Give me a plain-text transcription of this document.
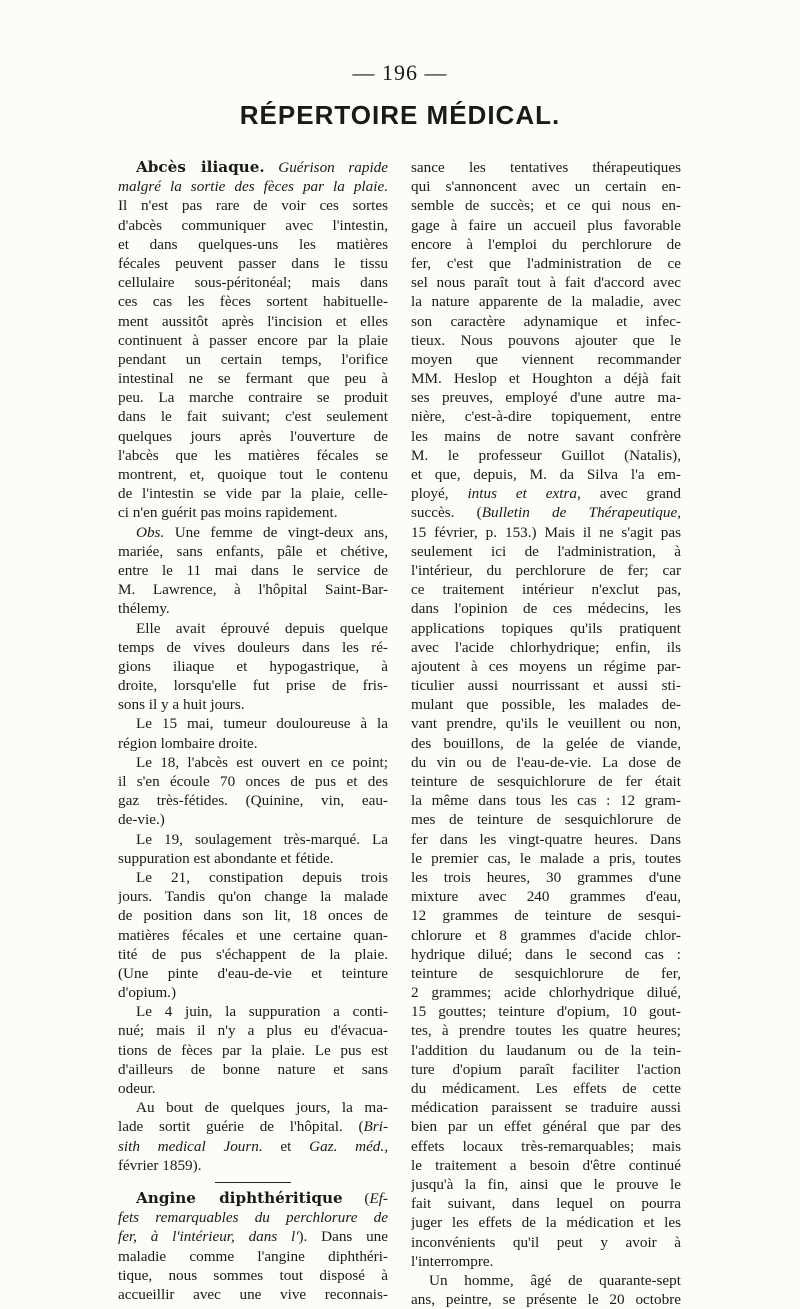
— 196 —
RÉPERTOIRE MÉDICAL.
Abcès iliaque. Guérison rapide
malgré la sortie des fèces par la plaie.
Il n'est pas rare de voir ces sortes
d'abcès communiquer avec l'intestin,
et dans quelques-uns les matières
fécales peuvent passer dans le tissu
cellulaire sous-péritonéal; mais dans
ces cas les fèces sortent habituelle-
ment aussitôt après l'incision et elles
continuent à passer encore par la plaie
pendant un certain temps, l'orifice
intestinal ne se fermant que peu à
peu. La marche contraire se produit
dans le fait suivant; c'est seulement
quelques jours après l'ouverture de
l'abcès que les matières fécales se
montrent, et, quoique tout le contenu
de l'intestin se vide par la plaie, celle-
ci n'en guérit pas moins rapidement.
Obs. Une femme de vingt-deux ans,
mariée, sans enfants, pâle et chétive,
entre le 11 mai dans le service de
M. Lawrence, à l'hôpital Saint-Bar-
thélemy.
Elle avait éprouvé depuis quelque
temps de vives douleurs dans les ré-
gions iliaque et hypogastrique, à
droite, lorsqu'elle fut prise de fris-
sons il y a huit jours.
Le 15 mai, tumeur douloureuse à la
région lombaire droite.
Le 18, l'abcès est ouvert en ce point;
il s'en écoule 70 onces de pus et des
gaz très-fétides. (Quinine, vin, eau-
de-vie.)
Le 19, soulagement très-marqué. La
suppuration est abondante et fétide.
Le 21, constipation depuis trois
jours. Tandis qu'on change la malade
de position dans son lit, 18 onces de
matières fécales et une certaine quan-
tité de pus s'échappent de la plaie.
(Une pinte d'eau-de-vie et teinture
d'opium.)
Le 4 juin, la suppuration a conti-
nué; mais il n'y a plus eu d'évacua-
tions de fèces par la plaie. Le pus est
d'ailleurs de bonne nature et sans
odeur.
Au bout de quelques jours, la ma-
lade sortit guérie de l'hôpital. (Bri-
sith medical Journ. et Gaz. méd.,
février 1859).
Angine diphthéritique (Ef-
fets remarquables du perchlorure de
fer, à l'intérieur, dans l'). Dans une
maladie comme l'angine diphthéri-
tique, nous sommes tout disposé à
accueillir avec une vive reconnais-
sance les tentatives thérapeutiques
qui s'annoncent avec un certain en-
semble de succès; et ce qui nous en-
gage à faire un accueil plus favorable
encore à l'emploi du perchlorure de
fer, c'est que l'administration de ce
sel nous paraît tout à fait d'accord avec
la nature apparente de la maladie, avec
son caractère adynamique et infec-
tieux. Nous pouvons ajouter que le
moyen que viennent recommander
MM. Heslop et Houghton a déjà fait
ses preuves, employé d'une autre ma-
nière, c'est-à-dire topiquement, entre
les mains de notre savant confrère
M. le professeur Guillot (Natalis),
et que, depuis, M. da Silva l'a em-
ployé, intus et extra, avec grand
succès. (Bulletin de Thérapeutique,
15 février, p. 153.) Mais il ne s'agit pas
seulement ici de l'administration, à
l'intérieur, du perchlorure de fer; car
ce traitement intérieur n'exclut pas,
dans l'opinion de ces médecins, les
applications topiques qu'ils pratiquent
avec l'acide chlorhydrique; enfin, ils
ajoutent à ces moyens un régime par-
ticulier aussi nourrissant et aussi sti-
mulant que possible, les malades de-
vant prendre, qu'ils le veuillent ou non,
des bouillons, de la gelée de viande,
du vin ou de l'eau-de-vie. La dose de
teinture de sesquichlorure de fer était
la même dans tous les cas : 12 gram-
mes de teinture de sesquichlorure de
fer dans les vingt-quatre heures. Dans
le premier cas, le malade a pris, toutes
les trois heures, 30 grammes d'une
mixture avec 240 grammes d'eau,
12 grammes de teinture de sesqui-
chlorure et 8 grammes d'acide chlor-
hydrique dilué; dans le second cas :
teinture de sesquichlorure de fer,
2 grammes; acide chlorhydrique dilué,
15 gouttes; teinture d'opium, 10 gout-
tes, à prendre toutes les quatre heures;
l'addition du laudanum ou de la tein-
ture d'opium paraît faciliter l'action
du médicament. Les effets de cette
médication paraissent se traduire aussi
bien par un effet général que par des
effets locaux très-remarquables; mais
le traitement a besoin d'être continué
jusqu'à la fin, ainsi que le prouve le
fait suivant, dans lequel on pourra
juger les effets de la médication et les
inconvénients qu'il peut y avoir à
l'interrompre.
Un homme, âgé de quarante-sept
ans, peintre, se présente le 20 octobre
